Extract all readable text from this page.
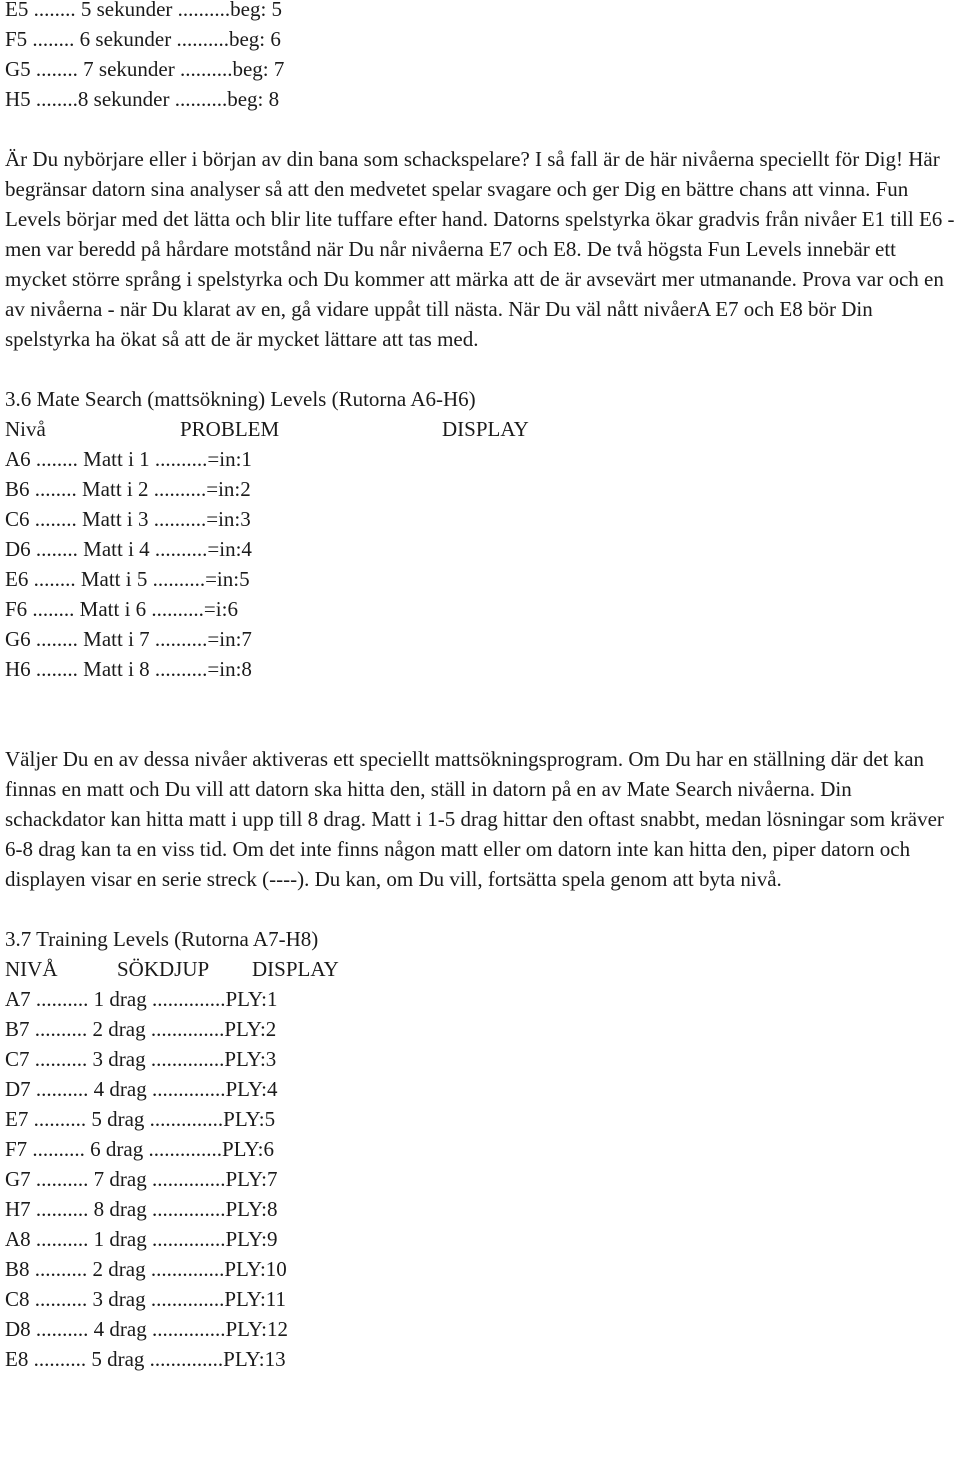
E5 ........ 5 sekunder ..........beg: 5
F5 ........ 6 sekunder ..........beg: 6
G5 ........ 7 sekunder ..........beg: 7
H5 ........8 sekunder ..........beg: 8

Är Du nybörjare eller i början av din bana som schackspelare? I så fall är de här nivåerna speciellt för Dig! Här begränsar datorn sina analyser så att den medvetet spelar svagare och ger Dig en bättre chans att vinna. Fun Levels börjar med det lätta och blir lite tuffare efter hand. Datorns spelstyrka ökar gradvis från nivåer E1 till E6 - men var beredd på hårdare motstånd när Du når nivåerna E7 och E8. De två högsta Fun Levels innebär ett mycket större språng i spelstyrka och Du kommer att märka att de är avsevärt mer utmanande. Prova var och en av nivåerna - när Du klarat av en, gå vidare uppåt till nästa. När Du väl nått nivåerA E7 och E8 bör Din spelstyrka ha ökat så att de är mycket lättare att tas med.

3.6 Mate Search (mattsökning) Levels (Rutorna A6-H6)
Nivå	PROBLEM	DISPLAY
A6 ........ Matt i 1 ..........=in:1
B6 ........ Matt i 2 ..........=in:2
C6 ........ Matt i 3 ..........=in:3
D6 ........ Matt i 4 ..........=in:4
E6 ........ Matt i 5 ..........=in:5
F6 ........ Matt i 6 ..........=i:6
G6 ........ Matt i 7 ..........=in:7
H6 ........ Matt i 8 ..........=in:8

Väljer Du en av dessa nivåer aktiveras ett speciellt mattsökningsprogram. Om Du har en ställning där det kan finnas en matt och Du vill att datorn ska hitta den, ställ in datorn på en av Mate Search nivåerna. Din schackdator kan hitta matt i upp till 8 drag. Matt i 1-5 drag hittar den oftast snabbt, medan lösningar som kräver 6-8 drag kan ta en viss tid. Om det inte finns någon matt eller om datorn inte kan hitta den, piper datorn och displayen visar en serie streck (----). Du kan, om Du vill, fortsätta spela genom att byta nivå.

3.7 Training Levels (Rutorna A7-H8)
NIVÅ	SÖKDJUP DISPLAY
A7 .......... 1 drag ..............PLY:1
B7 .......... 2 drag ..............PLY:2
C7 .......... 3 drag ..............PLY:3
D7 .......... 4 drag ..............PLY:4
E7 .......... 5 drag ..............PLY:5
F7 .......... 6 drag ..............PLY:6
G7 .......... 7 drag ..............PLY:7
H7 .......... 8 drag ..............PLY:8
A8 .......... 1 drag ..............PLY:9
B8 .......... 2 drag ..............PLY:10
C8 .......... 3 drag ..............PLY:11
D8 .......... 4 drag ..............PLY:12
E8 .......... 5 drag ..............PLY:13
